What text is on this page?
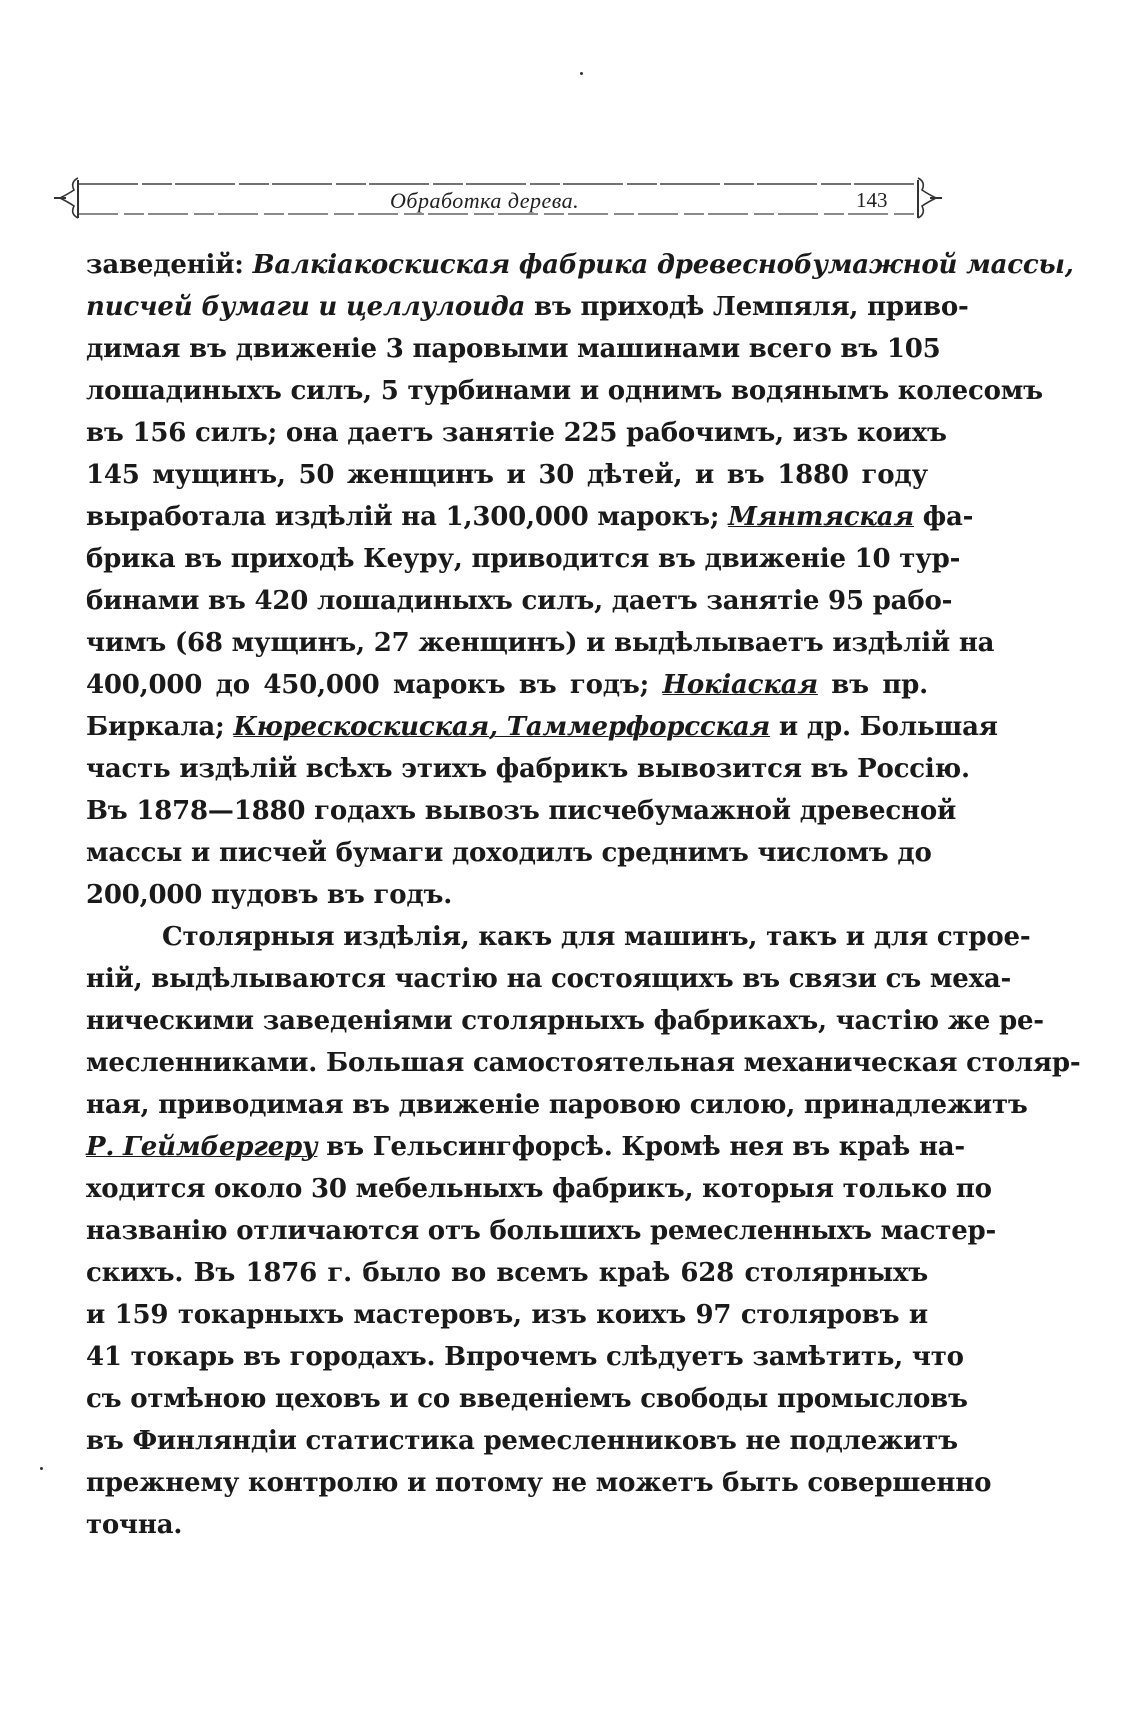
Обработка дерева.	143
заведеній: Валкіакоскиская фабрика древеснобумажной массы,
писчей бумаги и целлулоида въ приходѣ Лемпяля, приво-
димая въ движеніе 3 паровыми машинами всего въ 105
лошадиныхъ силъ, 5 турбинами и однимъ водянымъ колесомъ
въ 156 силъ; она даетъ занятіе 225 рабочимъ, изъ коихъ
145 мущинъ, 50 женщинъ и 30 дѣтей, и въ 1880 году
выработала издѣлій на 1,300,000 марокъ; Мянтяская фа-
брика въ приходѣ Кеуру, приводится въ движеніе 10 тур-
бинами въ 420 лошадиныхъ силъ, даетъ занятіе 95 рабо-
чимъ (68 мущинъ, 27 женщинъ) и выдѣлываетъ издѣлій на
400,000 до 450,000 марокъ въ годъ; Нокіаская въ пр.
Биркала; Кюрескоскиская, Таммерфорсская и др. Большая
часть издѣлій всѣхъ этихъ фабрикъ вывозится въ Россію.
Въ 1878—1880 годахъ вывозъ писчебумажной древесной
массы и писчей бумаги доходилъ среднимъ числомъ до
200,000 пудовъ въ годъ.
Столярныя издѣлія, какъ для машинъ, такъ и для строе-
ній, выдѣлываются частію на состоящихъ въ связи съ меха-
ническими заведеніями столярныхъ фабрикахъ, частію же ре-
месленниками. Большая самостоятельная механическая столяр-
ная, приводимая въ движеніе паровою силою, принадлежитъ
Р. Геймбергеру въ Гельсингфорсѣ. Кромѣ нея въ краѣ на-
ходится около 30 мебельныхъ фабрикъ, которыя только по
названію отличаются отъ большихъ ремесленныхъ мастер-
скихъ. Въ 1876 г. было во всемъ краѣ 628 столярныхъ
и 159 токарныхъ мастеровъ, изъ коихъ 97 столяровъ и
41 токарь въ городахъ. Впрочемъ слѣдуетъ замѣтить, что
съ отмѣною цеховъ и со введеніемъ свободы промысловъ
въ Финляндіи статистика ремесленниковъ не подлежитъ
прежнему контролю и потому не можетъ быть совершенно
точна.
